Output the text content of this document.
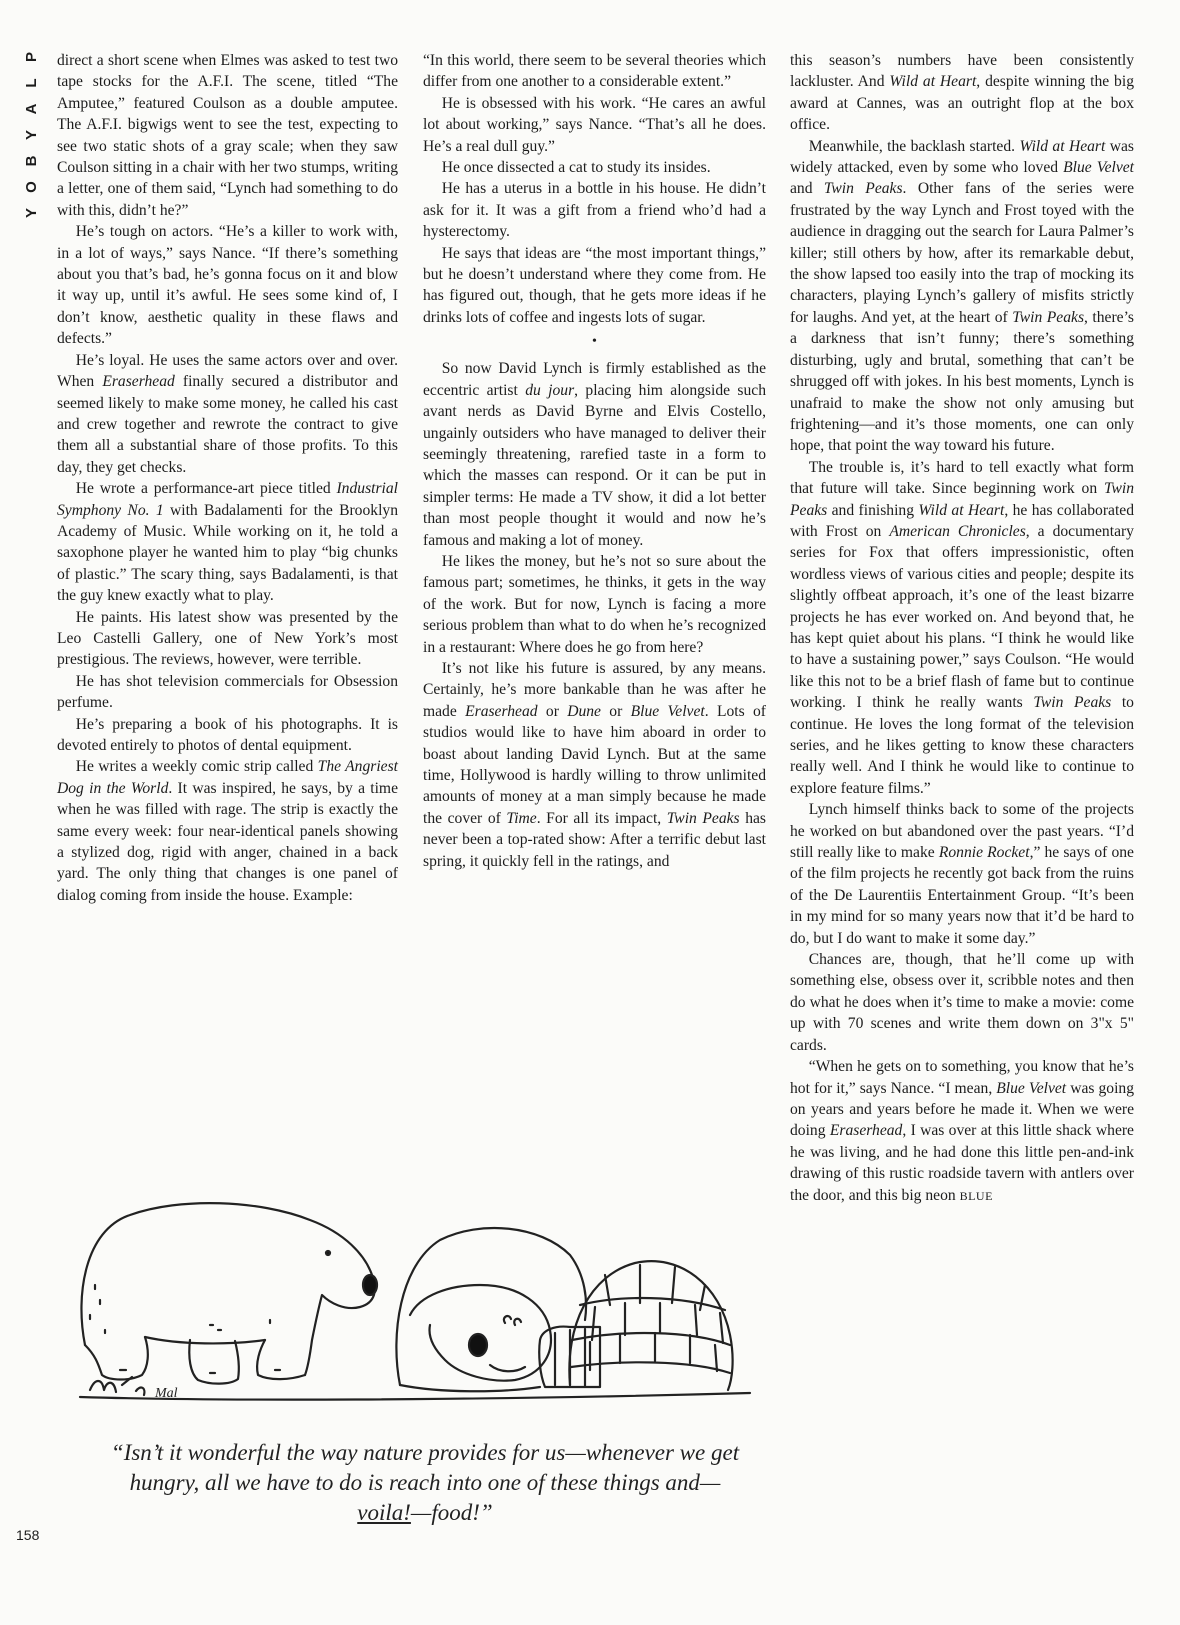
P
L
A
Y
B
O
Y

direct a short scene when Elmes was asked to test two tape stocks for the A.F.I. The scene, titled “The Amputee,” featured Coulson as a double amputee. The A.F.I. bigwigs went to see the test, expecting to see two static shots of a gray scale; when they saw Coulson sitting in a chair with her two stumps, writing a letter, one of them said, “Lynch had something to do with this, didn’t he?”

He’s tough on actors. “He’s a killer to work with, in a lot of ways,” says Nance. “If there’s something about you that’s bad, he’s gonna focus on it and blow it way up, until it’s awful. He sees some kind of, I don’t know, aesthetic quality in these flaws and defects.”

He’s loyal. He uses the same actors over and over. When Eraserhead finally secured a distributor and seemed likely to make some money, he called his cast and crew together and rewrote the contract to give them all a substantial share of those profits. To this day, they get checks.

He wrote a performance-art piece titled Industrial Symphony No. 1 with Badalamenti for the Brooklyn Academy of Music. While working on it, he told a saxophone player he wanted him to play “big chunks of plastic.” The scary thing, says Badalamenti, is that the guy knew exactly what to play.

He paints. His latest show was presented by the Leo Castelli Gallery, one of New York’s most prestigious. The reviews, however, were terrible.

He has shot television commercials for Obsession perfume.

He’s preparing a book of his photographs. It is devoted entirely to photos of dental equipment.

He writes a weekly comic strip called The Angriest Dog in the World. It was inspired, he says, by a time when he was filled with rage. The strip is exactly the same every week: four near-identical panels showing a stylized dog, rigid with anger, chained in a back yard. The only thing that changes is one panel of dialog coming from inside the house. Example:

“In this world, there seem to be several theories which differ from one another to a considerable extent.”

He is obsessed with his work. “He cares an awful lot about working,” says Nance. “That’s all he does. He’s a real dull guy.”

He once dissected a cat to study its insides.

He has a uterus in a bottle in his house. He didn’t ask for it. It was a gift from a friend who’d had a hysterectomy.

He says that ideas are “the most important things,” but he doesn’t understand where they come from. He has figured out, though, that he gets more ideas if he drinks lots of coffee and ingests lots of sugar.

•

So now David Lynch is firmly established as the eccentric artist du jour, placing him alongside such avant nerds as David Byrne and Elvis Costello, ungainly outsiders who have managed to deliver their seemingly threatening, rarefied taste in a form to which the masses can respond. Or it can be put in simpler terms: He made a TV show, it did a lot better than most people thought it would and now he’s famous and making a lot of money.

He likes the money, but he’s not so sure about the famous part; sometimes, he thinks, it gets in the way of the work. But for now, Lynch is facing a more serious problem than what to do when he’s recognized in a restaurant: Where does he go from here?

It’s not like his future is assured, by any means. Certainly, he’s more bankable than he was after he made Eraserhead or Dune or Blue Velvet. Lots of studios would like to have him aboard in order to boast about landing David Lynch. But at the same time, Hollywood is hardly willing to throw unlimited amounts of money at a man simply because he made the cover of Time. For all its impact, Twin Peaks has never been a top-rated show: After a terrific debut last spring, it quickly fell in the ratings, and

this season’s numbers have been consistently lackluster. And Wild at Heart, despite winning the big award at Cannes, was an outright flop at the box office.

Meanwhile, the backlash started. Wild at Heart was widely attacked, even by some who loved Blue Velvet and Twin Peaks. Other fans of the series were frustrated by the way Lynch and Frost toyed with the audience in dragging out the search for Laura Palmer’s killer; still others by how, after its remarkable debut, the show lapsed too easily into the trap of mocking its characters, playing Lynch’s gallery of misfits strictly for laughs. And yet, at the heart of Twin Peaks, there’s a darkness that isn’t funny; there’s something disturbing, ugly and brutal, something that can’t be shrugged off with jokes. In his best moments, Lynch is unafraid to make the show not only amusing but frightening—and it’s those moments, one can only hope, that point the way toward his future.

The trouble is, it’s hard to tell exactly what form that future will take. Since beginning work on Twin Peaks and finishing Wild at Heart, he has collaborated with Frost on American Chronicles, a documentary series for Fox that offers impressionistic, often wordless views of various cities and people; despite its slightly offbeat approach, it’s one of the least bizarre projects he has ever worked on. And beyond that, he has kept quiet about his plans. “I think he would like to have a sustaining power,” says Coulson. “He would like this not to be a brief flash of fame but to continue working. I think he really wants Twin Peaks to continue. He loves the long format of the television series, and he likes getting to know these characters really well. And I think he would like to continue to explore feature films.”

Lynch himself thinks back to some of the projects he worked on but abandoned over the past years. “I’d still really like to make Ronnie Rocket,” he says of one of the film projects he recently got back from the ruins of the De Laurentiis Entertainment Group. “It’s been in my mind for so many years now that it’d be hard to do, but I do want to make it some day.”

Chances are, though, that he’ll come up with something else, obsess over it, scribble notes and then do what he does when it’s time to make a movie: come up with 70 scenes and write them down on 3"x 5" cards.

“When he gets on to something, you know that he’s hot for it,” says Nance. “I mean, Blue Velvet was going on years and years before he made it. When we were doing Eraserhead, I was over at this little shack where he was living, and he had done this little pen-and-ink drawing of this rustic roadside tavern with antlers over the door, and this big neon BLUE

Mal
“Isn’t it wonderful the way nature provides for us—whenever we get hungry, all we have to do is reach into one of these things and—voila!—food!”
158
